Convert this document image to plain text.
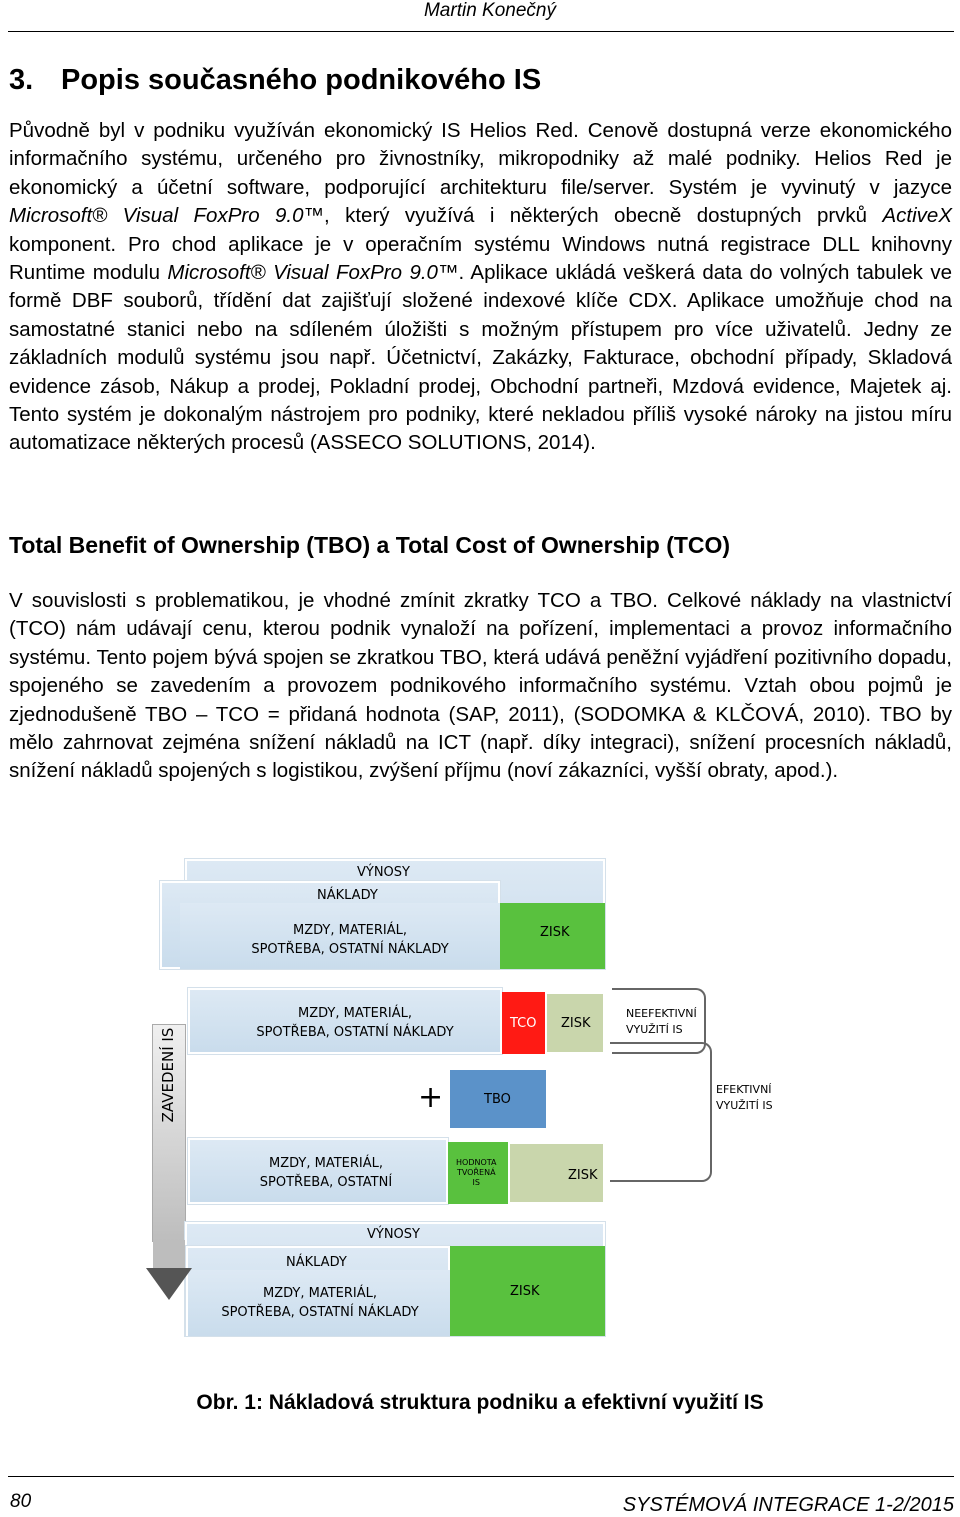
Martin Konečný
3. Popis současného podnikového IS

Původně byl v podniku využíván ekonomický IS Helios Red. Cenově dostupná verze ekonomického informačního systému, určeného pro živnostníky, mikropodniky až malé podniky. Helios Red je ekonomický a účetní software, podporující architekturu file/server. Systém je vyvinutý v jazyce Microsoft® Visual FoxPro 9.0™, který využívá i některých obecně dostupných prvků ActiveX komponent. Pro chod aplikace je v operačním systému Windows nutná registrace DLL knihovny Runtime modulu Microsoft® Visual FoxPro 9.0™. Aplikace ukládá veškerá data do volných tabulek ve formě DBF souborů, třídění dat zajišťují složené indexové klíče CDX. Aplikace umožňuje chod na samostatné stanici nebo na sdíleném úložišti s možným přístupem pro více uživatelů. Jedny ze základních modulů systému jsou např. Účetnictví, Zakázky, Fakturace, obchodní případy, Skladová evidence zásob, Nákup a prodej, Pokladní prodej, Obchodní partneři, Mzdová evidence, Majetek aj. Tento systém je dokonalým nástrojem pro podniky, které nekladou příliš vysoké nároky na jistou míru automatizace některých procesů (ASSECO SOLUTIONS, 2014).

Total Benefit of Ownership (TBO) a Total Cost of Ownership (TCO)

V souvislosti s problematikou, je vhodné zmínit zkratky TCO a TBO. Celkové náklady na vlastnictví (TCO) nám udávají cenu, kterou podnik vynaloží na pořízení, implementaci a provoz informačního systému. Tento pojem bývá spojen se zkratkou TBO, která udává peněžní vyjádření pozitivního dopadu, spojeného se zavedením a provozem podnikového informačního systému. Vztah obou pojmů je zjednodušeně TBO – TCO = přidaná hodnota (SAP, 2011), (SODOMKA & KLČOVÁ, 2010). TBO by mělo zahrnovat zejména snížení nákladů na ICT (např. díky integraci), snížení procesních nákladů, snížení nákladů spojených s logistikou, zvýšení příjmu (noví zákazníci, vyšší obraty, apod.).

VÝNOSY
NÁKLADY
MZDY, MATERIÁL,
SPOTŘEBA, OSTATNÍ NÁKLADY
ZISK
MZDY, MATERIÁL,
SPOTŘEBA, OSTATNÍ NÁKLADY
TCO ZISK
NEEFEKTIVNÍ
VYUŽITÍ IS
+	TBO
EFEKTIVNÍ
VYUŽITÍ IS
MZDY, MATERIÁL,
SPOTŘEBA, OSTATNÍ
HODNOTA
TVOŘENÁ
IS	ZISK
ZAVEDENÍ IS
VÝNOSY
NÁKLADY
MZDY, MATERIÁL,
SPOTŘEBA, OSTATNÍ NÁKLADY
ZISK
Obr. 1: Nákladová struktura podniku a efektivní využití IS
80	SYSTÉMOVÁ INTEGRACE 1-2/2015
